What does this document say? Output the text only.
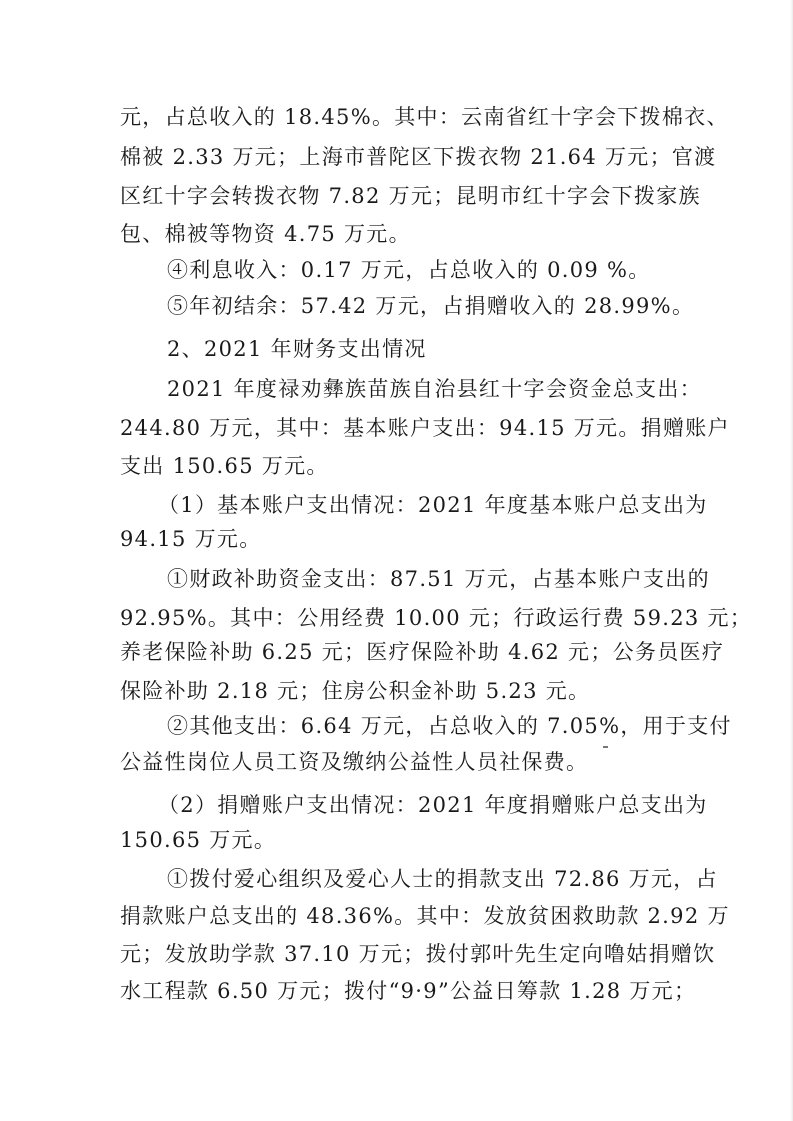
元，占总收入的 18.45%。其中：云南省红十字会下拨棉衣、
棉被 2.33 万元；上海市普陀区下拨衣物 21.64 万元；官渡
区红十字会转拨衣物 7.82 万元；昆明市红十字会下拨家族
包、棉被等物资 4.75 万元。
④利息收入：0.17 万元，占总收入的 0.09 %。
⑤年初结余：57.42 万元，占捐赠收入的 28.99%。
2、2021 年财务支出情况
2021 年度禄劝彝族苗族自治县红十字会资金总支出：
244.80 万元，其中：基本账户支出：94.15 万元。捐赠账户
支出 150.65 万元。
（1）基本账户支出情况：2021 年度基本账户总支出为
94.15 万元。
①财政补助资金支出：87.51 万元，占基本账户支出的
92.95%。其中：公用经费 10.00 元；行政运行费 59.23 元；
养老保险补助 6.25 元；医疗保险补助 4.62 元；公务员医疗
保险补助 2.18 元；住房公积金补助 5.23 元。
②其他支出：6.64 万元，占总收入的 7.05%，用于支付
公益性岗位人员工资及缴纳公益性人员社保费。
（2）捐赠账户支出情况：2021 年度捐赠账户总支出为
150.65 万元。
①拨付爱心组织及爱心人士的捐款支出 72.86 万元，占
捐款账户总支出的 48.36%。其中：发放贫困救助款 2.92 万
元；发放助学款 37.10 万元；拨付郭叶先生定向噜姑捐赠饮
水工程款 6.50 万元；拨付“9·9”公益日筹款 1.28 万元；
